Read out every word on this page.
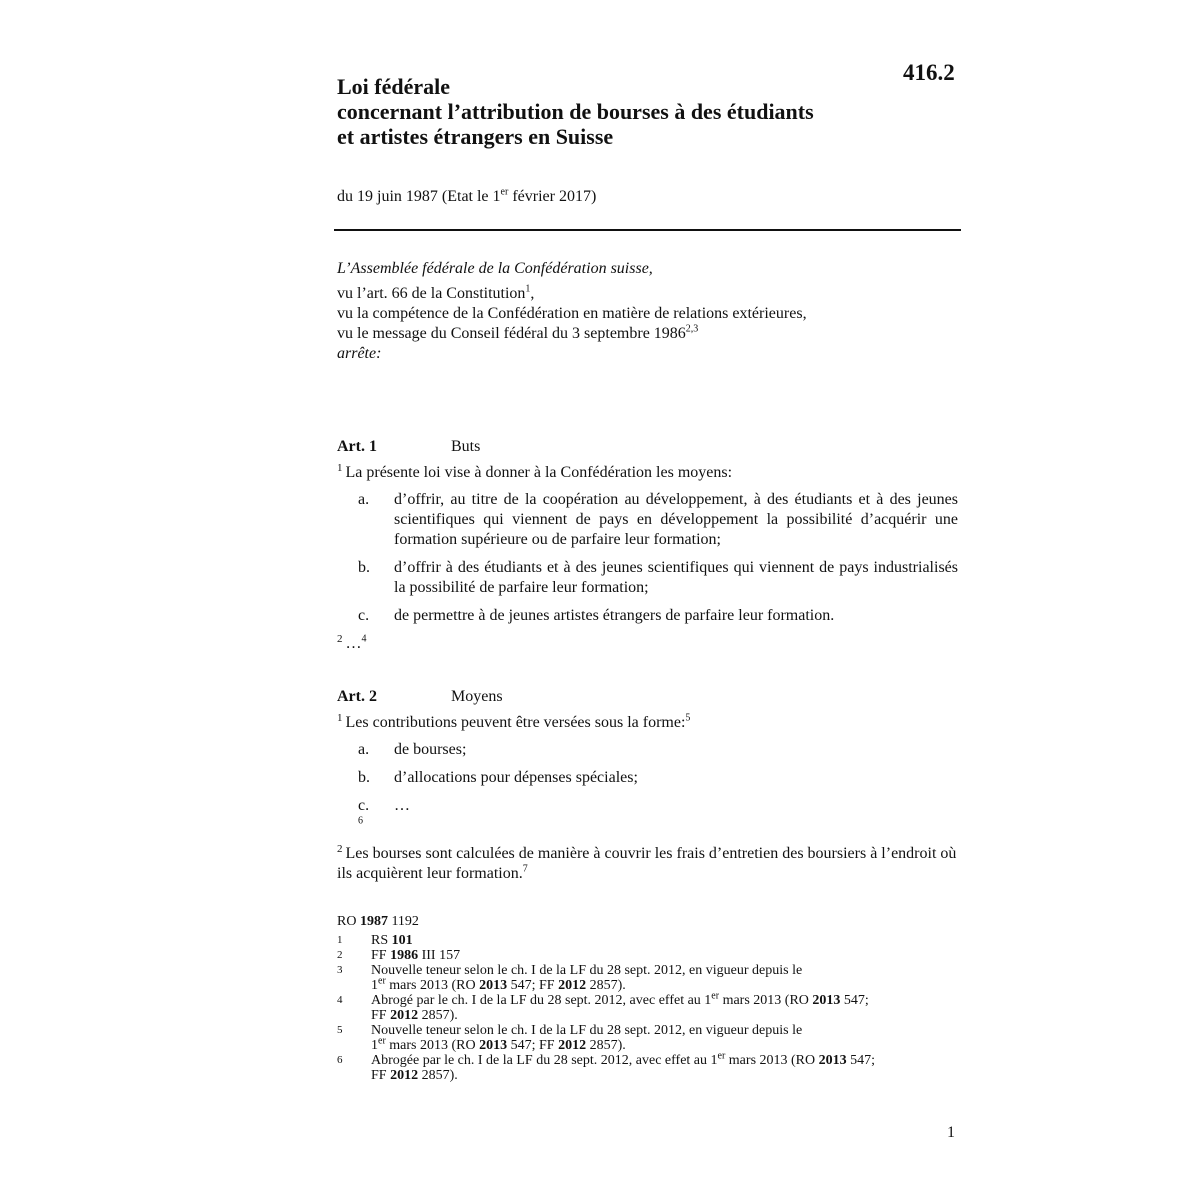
416.2
Loi fédérale
concernant l’attribution de bourses à des étudiants
et artistes étrangers en Suisse
du 19 juin 1987 (Etat le 1er février 2017)
L’Assemblée fédérale de la Confédération suisse,
vu l’art. 66 de la Constitution$^1$,
vu la compétence de la Confédération en matière de relations extérieures,
vu le message du Conseil fédéral du 3 septembre 1986$^{2,3}$
arrête:
Art. 1	Buts
$^1$ La présente loi vise à donner à la Confédération les moyens:
a.	d’offrir, au titre de la coopération au développement, à des étudiants et à des jeunes scientifiques qui viennent de pays en développement la possibilité d’acquérir une formation supérieure ou de parfaire leur formation;
b.	d’offrir à des étudiants et à des jeunes scientifiques qui viennent de pays industrialisés la possibilité de parfaire leur formation;
c.	de permettre à de jeunes artistes étrangers de parfaire leur formation.
$^2$ …$^4$
Art. 2	Moyens
$^1$ Les contributions peuvent être versées sous la forme:$^5$
a.	de bourses;
b.	d’allocations pour dépenses spéciales;
c.$^6$
…
$^2$ Les bourses sont calculées de manière à couvrir les frais d’entretien des boursiers à l’endroit où ils acquièrent leur formation.$^7$
RO 1987 1192
1	RS 101
2	FF 1986 III 157
3	Nouvelle teneur selon le ch. I de la LF du 28 sept. 2012, en vigueur depuis le
1er mars 2013 (RO 2013 547; FF 2012 2857).
4	Abrogé par le ch. I de la LF du 28 sept. 2012, avec effet au 1er mars 2013 (RO 2013 547;
FF 2012 2857).
5	Nouvelle teneur selon le ch. I de la LF du 28 sept. 2012, en vigueur depuis le
1er mars 2013 (RO 2013 547; FF 2012 2857).
6	Abrogée par le ch. I de la LF du 28 sept. 2012, avec effet au 1er mars 2013 (RO 2013 547;
FF 2012 2857).
1
